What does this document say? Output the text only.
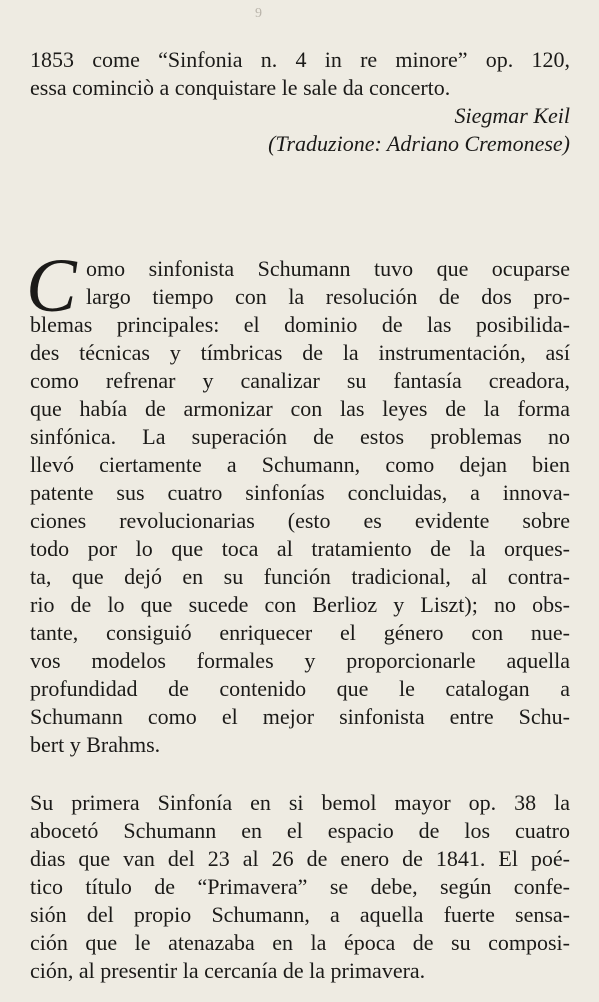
9
1853 come “Sinfonia n. 4 in re minore” op. 120,
essa cominciò a conquistare le sale da concerto.
Siegmar Keil
(Traduzione: Adriano Cremonese)
C omo sinfonista Schumann tuvo que ocuparse
largo tiempo con la resolución de dos pro-
blemas principales: el dominio de las posibilida-
des técnicas y tímbricas de la instrumentación, así
como refrenar y canalizar su fantasía creadora,
que había de armonizar con las leyes de la forma
sinfónica. La superación de estos problemas no
llevó ciertamente a Schumann, como dejan bien
patente sus cuatro sinfonías concluidas, a innova-
ciones revolucionarias (esto es evidente sobre
todo por lo que toca al tratamiento de la orques-
ta, que dejó en su función tradicional, al contra-
rio de lo que sucede con Berlioz y Liszt); no obs-
tante, consiguió enriquecer el género con nue-
vos modelos formales y proporcionarle aquella
profundidad de contenido que le catalogan a
Schumann como el mejor sinfonista entre Schu-
bert y Brahms.
Su primera Sinfonía en si bemol mayor op. 38 la
abocetó Schumann en el espacio de los cuatro
dias que van del 23 al 26 de enero de 1841. El poé-
tico título de “Primavera” se debe, según confe-
sión del propio Schumann, a aquella fuerte sensa-
ción que le atenazaba en la época de su composi-
ción, al presentir la cercanía de la primavera.
